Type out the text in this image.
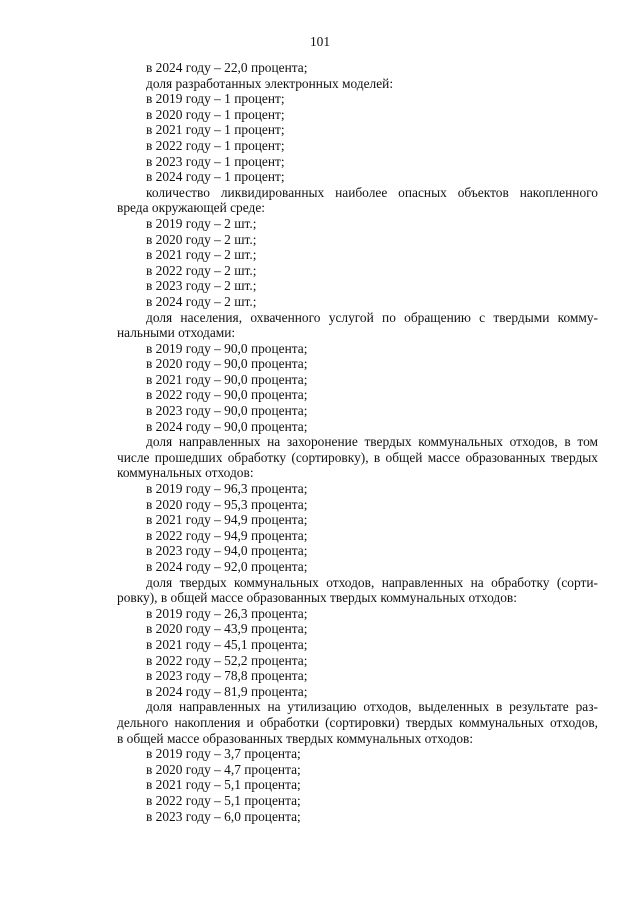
101
в 2024 году – 22,0 процента;
доля разработанных электронных моделей:
в 2019 году – 1 процент;
в 2020 году – 1 процент;
в 2021 году – 1 процент;
в 2022 году – 1 процент;
в 2023 году – 1 процент;
в 2024 году – 1 процент;
количество ликвидированных наиболее опасных объектов накопленного
вреда окружающей среде:
в 2019 году – 2 шт.;
в 2020 году – 2 шт.;
в 2021 году – 2 шт.;
в 2022 году – 2 шт.;
в 2023 году – 2 шт.;
в 2024 году – 2 шт.;
доля населения, охваченного услугой по обращению с твердыми комму-
нальными отходами:
в 2019 году – 90,0 процента;
в 2020 году – 90,0 процента;
в 2021 году – 90,0 процента;
в 2022 году – 90,0 процента;
в 2023 году – 90,0 процента;
в 2024 году – 90,0 процента;
доля направленных на захоронение твердых коммунальных отходов, в том
числе прошедших обработку (сортировку), в общей массе образованных твердых
коммунальных отходов:
в 2019 году – 96,3 процента;
в 2020 году – 95,3 процента;
в 2021 году – 94,9 процента;
в 2022 году – 94,9 процента;
в 2023 году – 94,0 процента;
в 2024 году – 92,0 процента;
доля твердых коммунальных отходов, направленных на обработку (сорти-
ровку), в общей массе образованных твердых коммунальных отходов:
в 2019 году – 26,3 процента;
в 2020 году – 43,9 процента;
в 2021 году – 45,1 процента;
в 2022 году – 52,2 процента;
в 2023 году – 78,8 процента;
в 2024 году – 81,9 процента;
доля направленных на утилизацию отходов, выделенных в результате раз-
дельного накопления и обработки (сортировки) твердых коммунальных отходов,
в общей массе образованных твердых коммунальных отходов:
в 2019 году – 3,7 процента;
в 2020 году – 4,7 процента;
в 2021 году – 5,1 процента;
в 2022 году – 5,1 процента;
в 2023 году – 6,0 процента;
